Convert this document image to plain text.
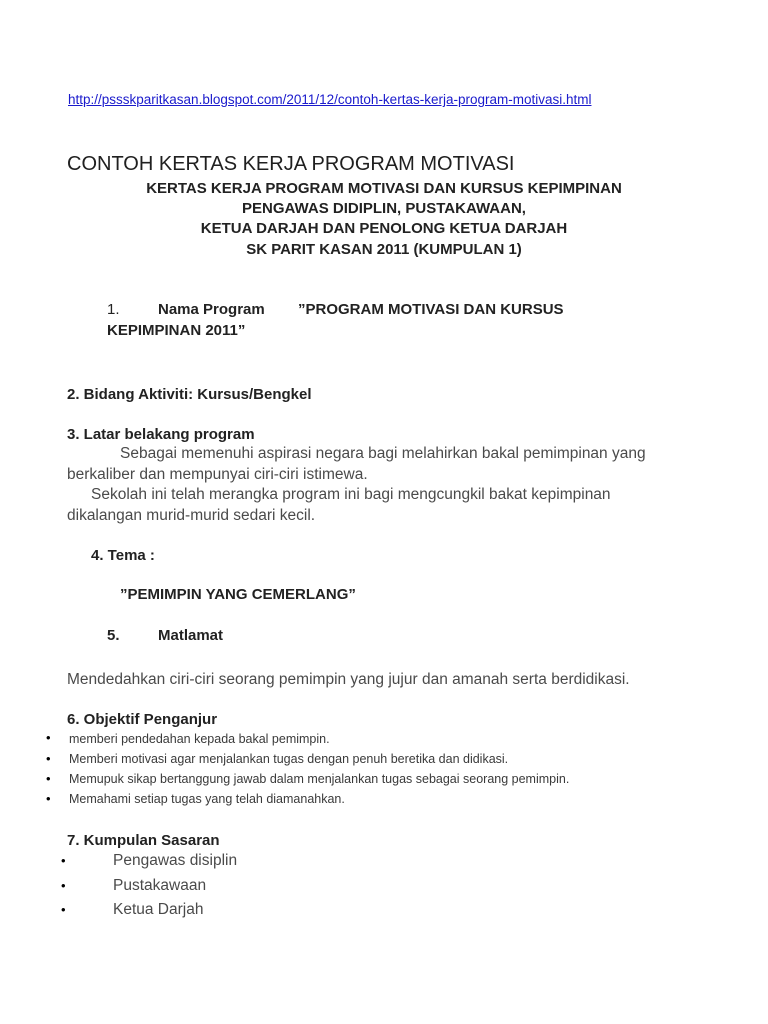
http://pssskparitkasan.blogspot.com/2011/12/contoh-kertas-kerja-program-motivasi.html
CONTOH KERTAS KERJA PROGRAM MOTIVASI
KERTAS KERJA PROGRAM MOTIVASI DAN KURSUS KEPIMPINAN
PENGAWAS DIDIPLIN, PUSTAKAWAAN,
KETUA DARJAH DAN PENOLONG KETUA DARJAH
SK PARIT KASAN 2011 (KUMPULAN 1)
1.	Nama Program ”PROGRAM MOTIVASI DAN KURSUS
KEPIMPINAN 2011”
2. Bidang Aktiviti: Kursus/Bengkel
3. Latar belakang program
Sebagai memenuhi aspirasi negara bagi melahirkan bakal pemimpinan yang
berkaliber dan mempunyai ciri-ciri istimewa.
Sekolah ini telah merangka program ini bagi mengcungkil bakat kepimpinan
dikalangan murid-murid sedari kecil.
4. Tema :
”PEMIMPIN YANG CEMERLANG”
5.	Matlamat
Mendedahkan ciri-ciri seorang pemimpin yang jujur dan amanah serta berdidikasi.
6. Objektif Penganjur
• memberi pendedahan kepada bakal pemimpin.
• Memberi motivasi agar menjalankan tugas dengan penuh beretika dan didikasi.
• Memupuk sikap bertanggung jawab dalam menjalankan tugas sebagai seorang pemimpin.
• Memahami setiap tugas yang telah diamanahkan.
7. Kumpulan Sasaran
•	Pengawas disiplin
•	Pustakawaan
•	Ketua Darjah
